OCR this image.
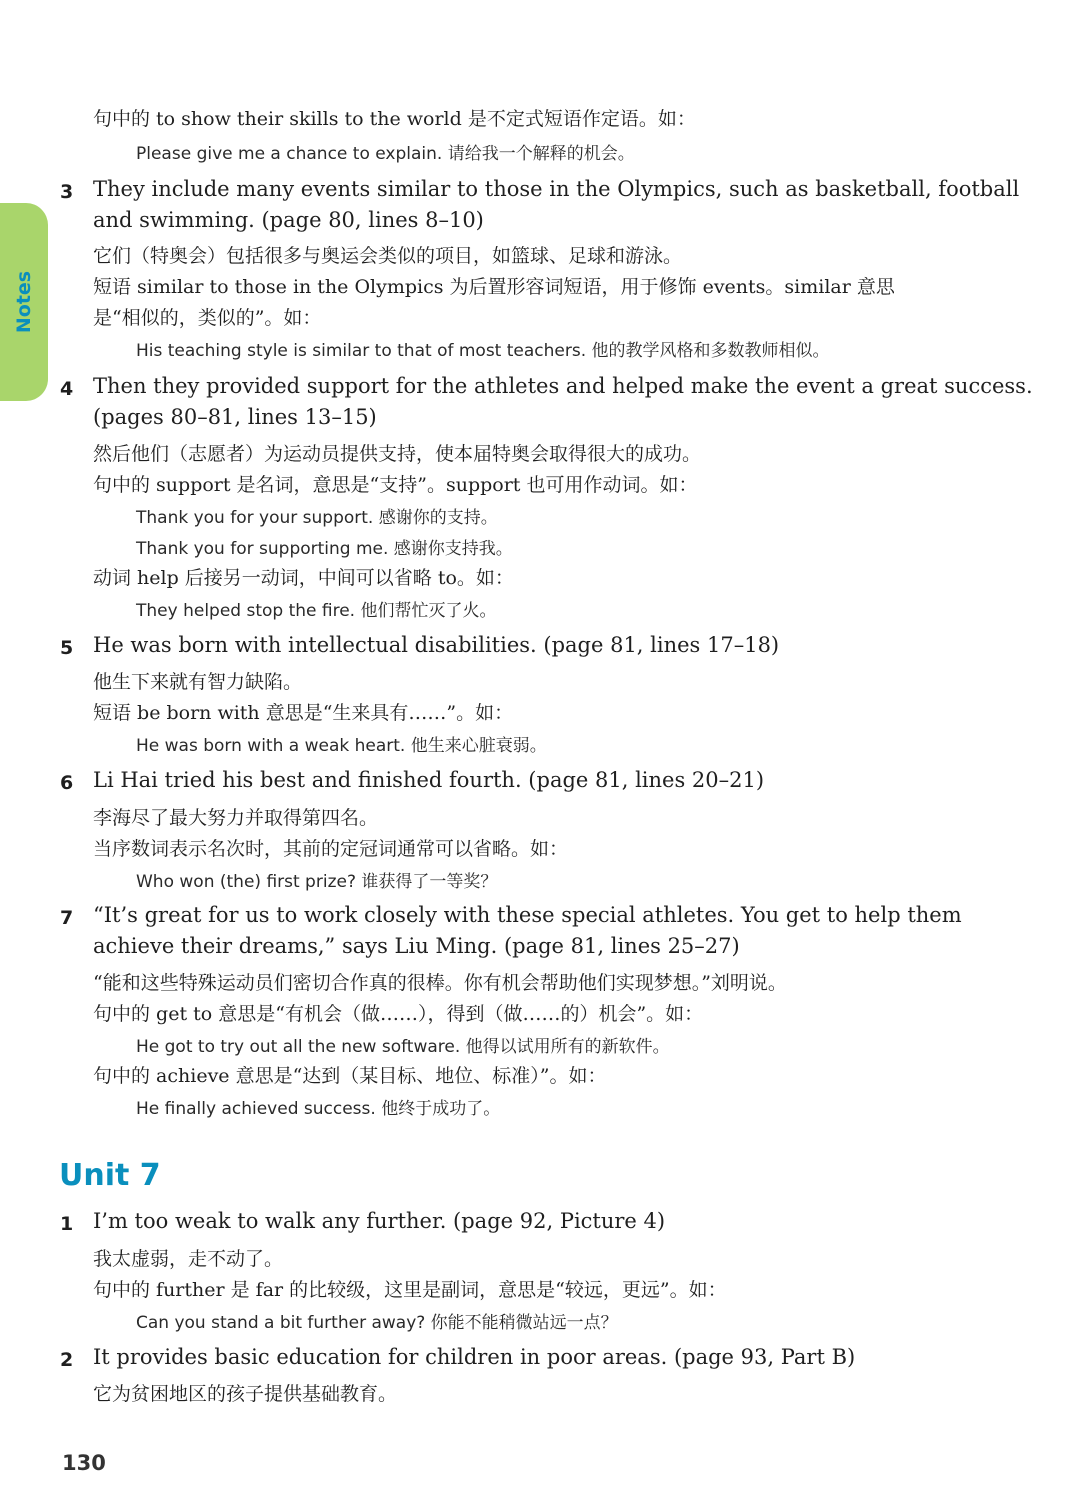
Notes
句中的 to show their skills to the world 是不定式短语作定语。如：
Please give me a chance to explain. 请给我一个解释的机会。
3 They include many events similar to those in the Olympics, such as basketball, football
and swimming. (page 80, lines 8–10)
它们（特奥会）包括很多与奥运会类似的项目，如篮球、足球和游泳。
短语 similar to those in the Olympics 为后置形容词短语，用于修饰 events。similar 意思
是“相似的，类似的”。如：
His teaching style is similar to that of most teachers. 他的教学风格和多数教师相似。
4 Then they provided support for the athletes and helped make the event a great success.
(pages 80–81, lines 13–15)
然后他们（志愿者）为运动员提供支持，使本届特奥会取得很大的成功。
句中的 support 是名词，意思是“支持”。support 也可用作动词。如：
Thank you for your support. 感谢你的支持。
Thank you for supporting me. 感谢你支持我。
动词 help 后接另一动词，中间可以省略 to。如：
They helped stop the fire. 他们帮忙灭了火。
5 He was born with intellectual disabilities. (page 81, lines 17–18)
他生下来就有智力缺陷。
短语 be born with 意思是“生来具有……”。如：
He was born with a weak heart. 他生来心脏衰弱。
6 Li Hai tried his best and finished fourth. (page 81, lines 20–21)
李海尽了最大努力并取得第四名。
当序数词表示名次时，其前的定冠词通常可以省略。如：
Who won (the) first prize? 谁获得了一等奖？
7 “It’s great for us to work closely with these special athletes. You get to help them
achieve their dreams,” says Liu Ming. (page 81, lines 25–27)
“能和这些特殊运动员们密切合作真的很棒。你有机会帮助他们实现梦想。”刘明说。
句中的 get to 意思是“有机会（做……），得到（做……的）机会”。如：
He got to try out all the new software. 他得以试用所有的新软件。
句中的 achieve 意思是“达到（某目标、地位、标准）”。如：
He finally achieved success. 他终于成功了。
Unit 7
1 I’m too weak to walk any further. (page 92, Picture 4)
我太虚弱，走不动了。
句中的 further 是 far 的比较级，这里是副词，意思是“较远，更远”。如：
Can you stand a bit further away? 你能不能稍微站远一点？
2 It provides basic education for children in poor areas. (page 93, Part B)
它为贫困地区的孩子提供基础教育。
130
